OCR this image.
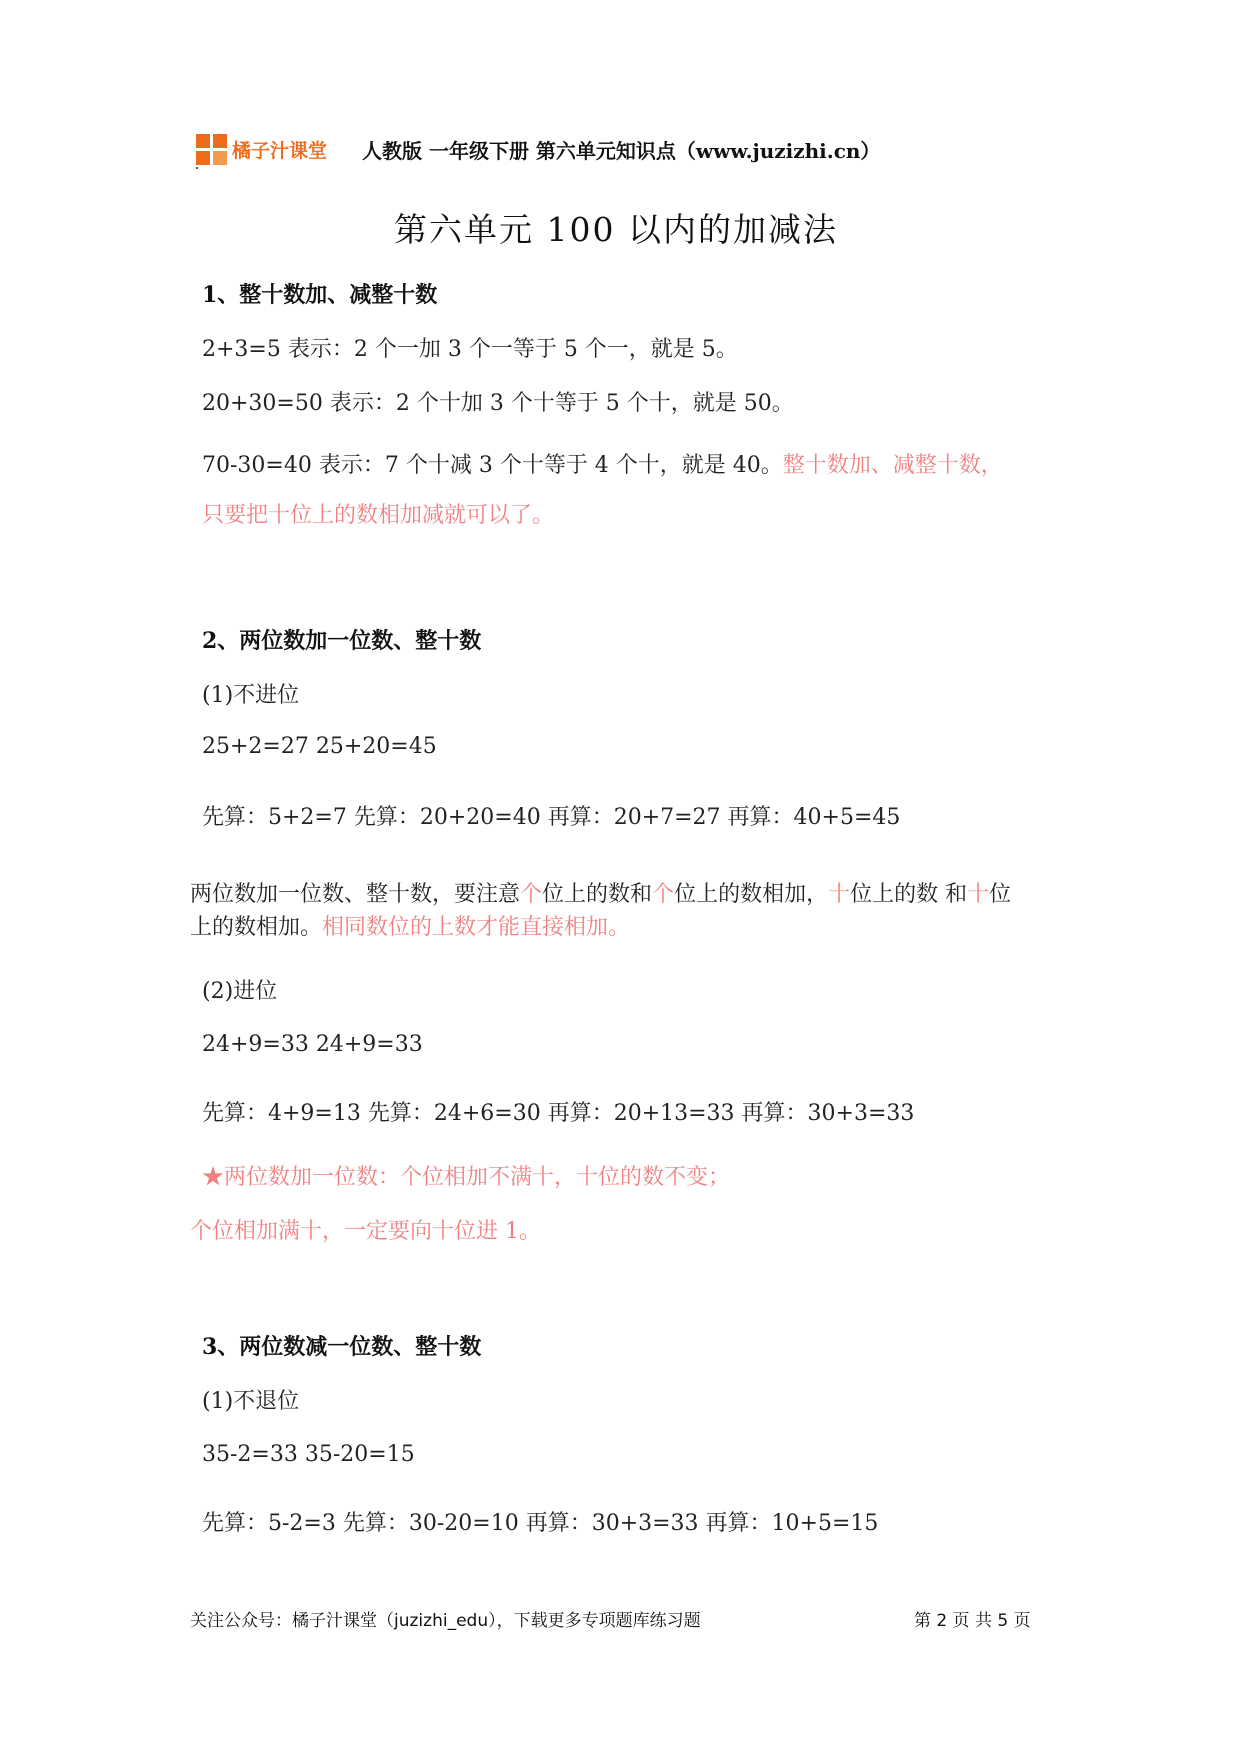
橘子汁课堂 人教版 一年级下册 第六单元知识点（www.juzizhi.cn）
第六单元 100 以内的加减法
1、整十数加、减整十数
2+3=5 表示：2 个一加 3 个一等于 5 个一，就是 5。
20+30=50 表示：2 个十加 3 个十等于 5 个十，就是 50。
70-30=40 表示：7 个十减 3 个十等于 4 个十，就是 40。整十数加、减整十数，
只要把十位上的数相加减就可以了。
2、两位数加一位数、整十数
(1)不进位
25+2=27 25+20=45
先算：5+2=7 先算：20+20=40 再算：20+7=27 再算：40+5=45
两位数加一位数、整十数，要注意个位上的数和个位上的数相加，十位上的数 和十位
上的数相加。相同数位的上数才能直接相加。
(2)进位
24+9=33 24+9=33
先算：4+9=13 先算：24+6=30 再算：20+13=33 再算：30+3=33
★两位数加一位数：个位相加不满十，十位的数不变；
个位相加满十，一定要向十位进 1。
3、两位数减一位数、整十数
(1)不退位
35-2=33 35-20=15
先算：5-2=3 先算：30-20=10 再算：30+3=33 再算：10+5=15
关注公众号：橘子汁课堂（juzizhi_edu），下载更多专项题库练习题	第 2 页 共 5 页
